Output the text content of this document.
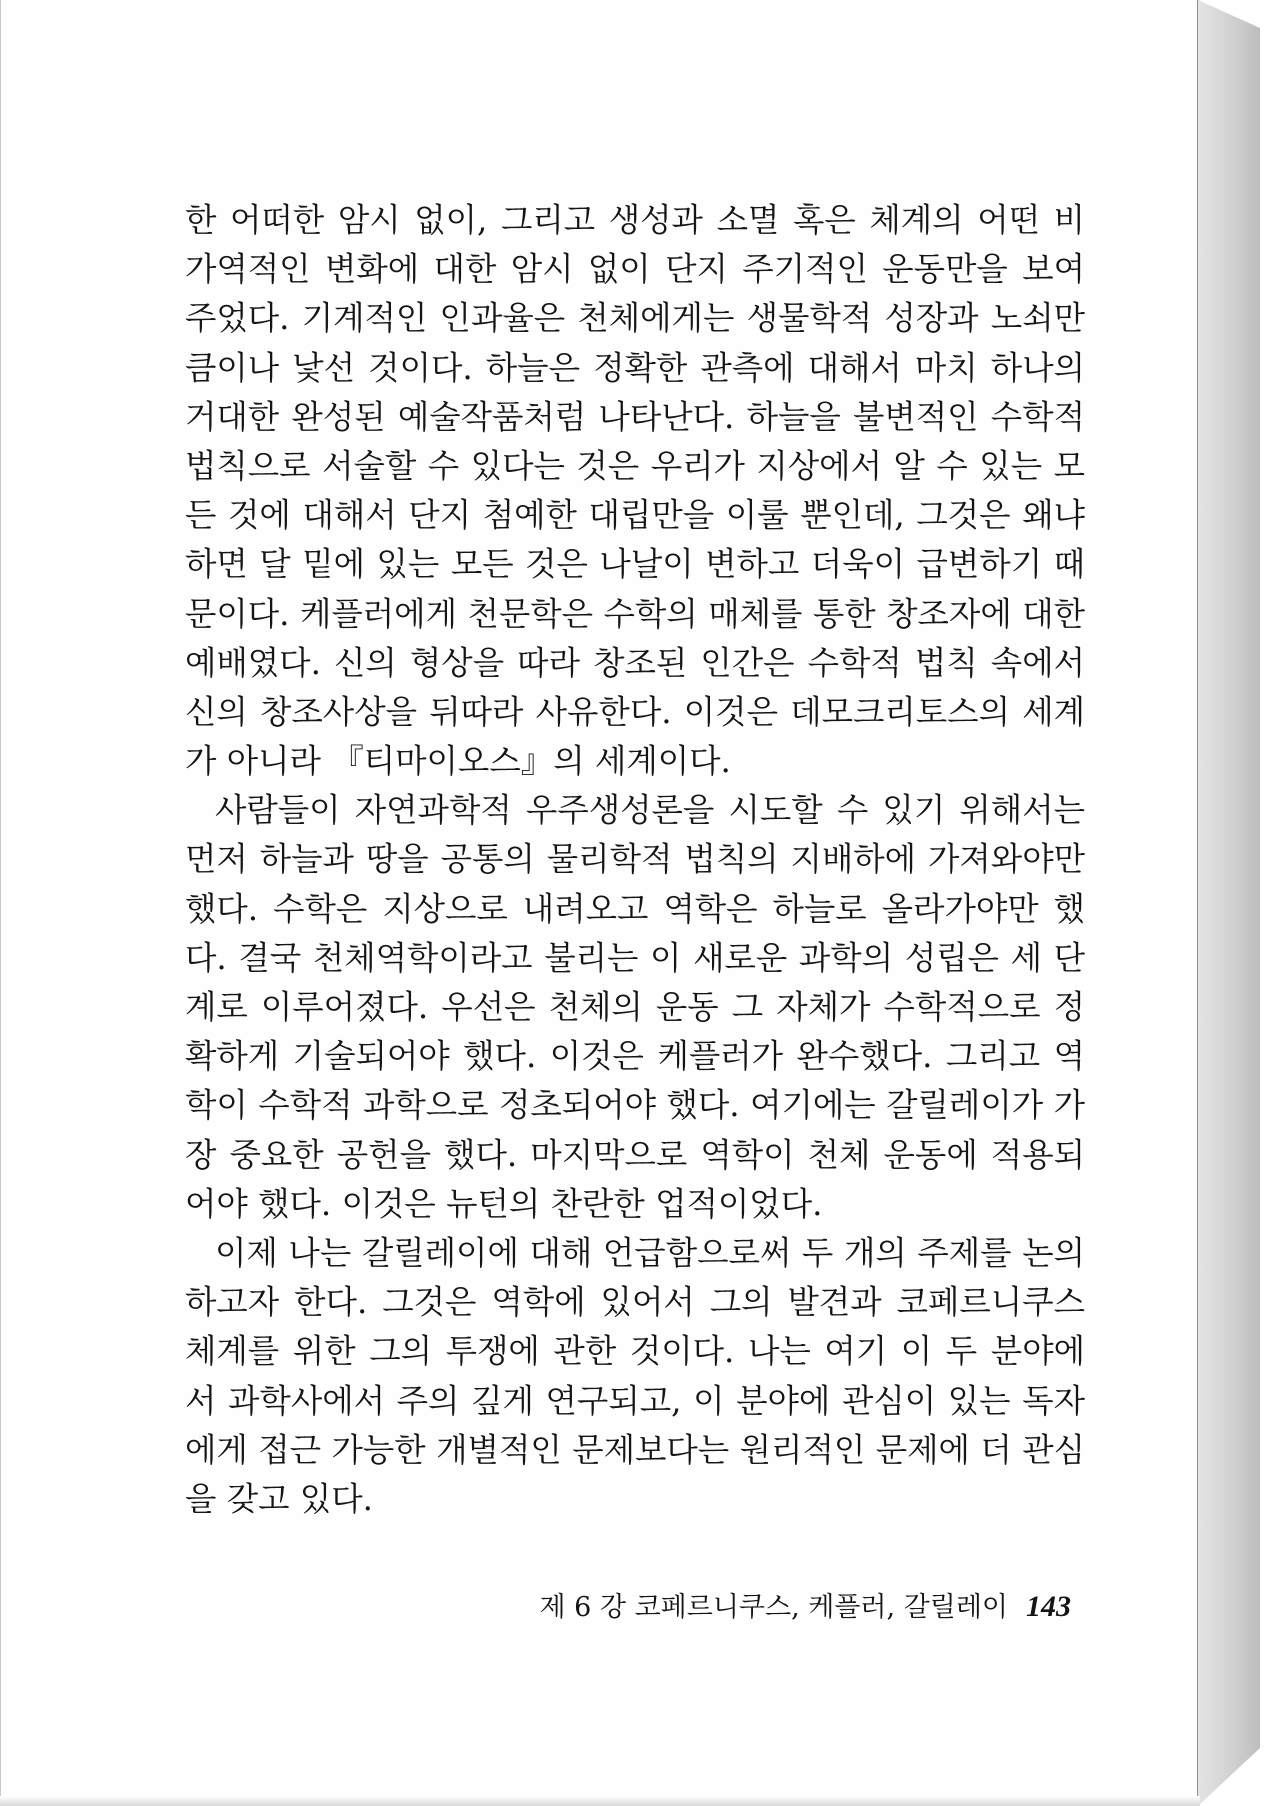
한 어떠한 암시 없이, 그리고 생성과 소멸 혹은 체계의 어떤 비
가역적인 변화에 대한 암시 없이 단지 주기적인 운동만을 보여
주었다. 기계적인 인과율은 천체에게는 생물학적 성장과 노쇠만
큼이나 낯선 것이다. 하늘은 정확한 관측에 대해서 마치 하나의
거대한 완성된 예술작품처럼 나타난다. 하늘을 불변적인 수학적
법칙으로 서술할 수 있다는 것은 우리가 지상에서 알 수 있는 모
든 것에 대해서 단지 첨예한 대립만을 이룰 뿐인데, 그것은 왜냐
하면 달 밑에 있는 모든 것은 나날이 변하고 더욱이 급변하기 때
문이다. 케플러에게 천문학은 수학의 매체를 통한 창조자에 대한
예배였다. 신의 형상을 따라 창조된 인간은 수학적 법칙 속에서
신의 창조사상을 뒤따라 사유한다. 이것은 데모크리토스의 세계
가 아니라 『티마이오스』의 세계이다.
사람들이 자연과학적 우주생성론을 시도할 수 있기 위해서는
먼저 하늘과 땅을 공통의 물리학적 법칙의 지배하에 가져와야만
했다. 수학은 지상으로 내려오고 역학은 하늘로 올라가야만 했
다. 결국 천체역학이라고 불리는 이 새로운 과학의 성립은 세 단
계로 이루어졌다. 우선은 천체의 운동 그 자체가 수학적으로 정
확하게 기술되어야 했다. 이것은 케플러가 완수했다. 그리고 역
학이 수학적 과학으로 정초되어야 했다. 여기에는 갈릴레이가 가
장 중요한 공헌을 했다. 마지막으로 역학이 천체 운동에 적용되
어야 했다. 이것은 뉴턴의 찬란한 업적이었다.
이제 나는 갈릴레이에 대해 언급함으로써 두 개의 주제를 논의
하고자 한다. 그것은 역학에 있어서 그의 발견과 코페르니쿠스
체계를 위한 그의 투쟁에 관한 것이다. 나는 여기 이 두 분야에
서 과학사에서 주의 깊게 연구되고, 이 분야에 관심이 있는 독자
에게 접근 가능한 개별적인 문제보다는 원리적인 문제에 더 관심
을 갖고 있다.
제 6 강 코페르니쿠스, 케플러, 갈릴레이 143
